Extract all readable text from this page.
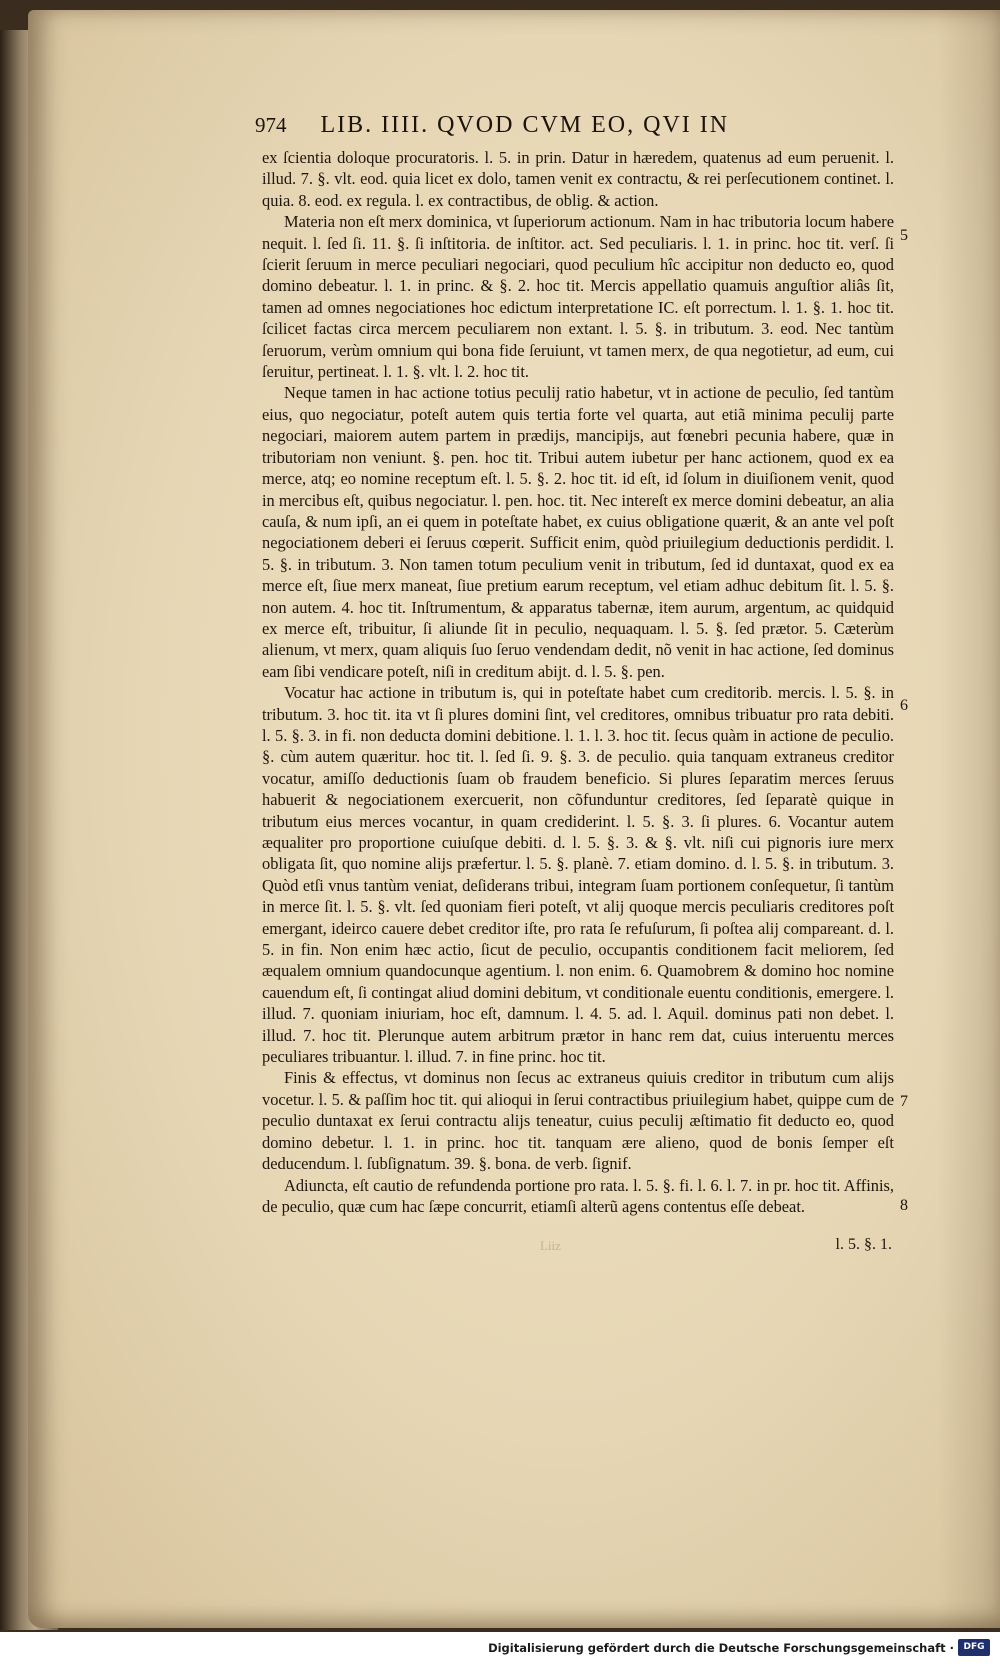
974 LIB. IIII. QVOD CVM EO, QVI IN

ex ſcientia doloque procuratoris. l. 5. in prin. Datur in hæredem, quatenus ad eum peruenit. l. illud. 7. §. vlt. eod. quia licet ex dolo, tamen venit ex contractu, & rei perſecutionem continet. l. quia. 8. eod. ex regula. l. ex contractibus, de oblig. & action.

Materia non eſt merx dominica, vt ſuperiorum actionum. Nam in hac tributoria locum habere nequit. l. ſed ſi. 11. §. ſi inſtitoria. de inſtitor. act. Sed peculiaris. l. 1. in princ. hoc tit. verſ. ſi ſcierit ſeruum in merce peculiari negociari, quod peculium hîc accipitur non deducto eo, quod domino debeatur. l. 1. in princ. & §. 2. hoc tit. Mercis appellatio quamuis anguſtior aliâs ſit, tamen ad omnes negociationes hoc edictum interpretatione IC. eſt porrectum. l. 1. §. 1. hoc tit. ſcilicet factas circa mercem peculiarem non extant. l. 5. §. in tributum. 3. eod. Nec tantùm ſeruorum, verùm omnium qui bona fide ſeruiunt, vt tamen merx, de qua negotietur, ad eum, cui ſeruitur, pertineat. l. 1. §. vlt. l. 2. hoc tit.

Neque tamen in hac actione totius peculij ratio habetur, vt in actione de peculio, ſed tantùm eius, quo negociatur, poteſt autem quis tertia forte vel quarta, aut etiã minima peculij parte negociari, maiorem autem partem in prædijs, mancipijs, aut fœnebri pecunia habere, quæ in tributoriam non veniunt. §. pen. hoc tit. Tribui autem iubetur per hanc actionem, quod ex ea merce, atq; eo nomine receptum eſt. l. 5. §. 2. hoc tit. id eſt, id ſolum in diuiſionem venit, quod in mercibus eſt, quibus negociatur. l. pen. hoc. tit. Nec intereſt ex merce domini debeatur, an alia cauſa, & num ipſi, an ei quem in poteſtate habet, ex cuius obligatione quærit, & an ante vel poſt negociationem deberi ei ſeruus cœperit. Sufficit enim, quòd priuilegium deductionis perdidit. l. 5. §. in tributum. 3. Non tamen totum peculium venit in tributum, ſed id duntaxat, quod ex ea merce eſt, ſiue merx maneat, ſiue pretium earum receptum, vel etiam adhuc debitum ſit. l. 5. §. non autem. 4. hoc tit. Inſtrumentum, & apparatus tabernæ, item aurum, argentum, ac quidquid ex merce eſt, tribuitur, ſi aliunde ſit in peculio, nequaquam. l. 5. §. ſed prætor. 5. Cæterùm alienum, vt merx, quam aliquis ſuo ſeruo vendendam dedit, nõ venit in hac actione, ſed dominus eam ſibi vendicare poteſt, niſi in creditum abijt. d. l. 5. §. pen.

Vocatur hac actione in tributum is, qui in poteſtate habet cum creditorib. mercis. l. 5. §. in tributum. 3. hoc tit. ita vt ſi plures domini ſint, vel creditores, omnibus tribuatur pro rata debiti. l. 5. §. 3. in fi. non deducta domini debitione. l. 1. l. 3. hoc tit. ſecus quàm in actione de peculio. §. cùm autem quæritur. hoc tit. l. ſed ſi. 9. §. 3. de peculio. quia tanquam extraneus creditor vocatur, amiſſo deductionis ſuam ob fraudem beneficio. Si plures ſeparatim merces ſeruus habuerit & negociationem exercuerit, non cõfunduntur creditores, ſed ſeparatè quique in tributum eius merces vocantur, in quam crediderint. l. 5. §. 3. ſi plures. 6. Vocantur autem æqualiter pro proportione cuiuſque debiti. d. l. 5. §. 3. & §. vlt. niſi cui pignoris iure merx obligata ſit, quo nomine alijs præfertur. l. 5. §. planè. 7. etiam domino. d. l. 5. §. in tributum. 3. Quòd etſi vnus tantùm veniat, deſiderans tribui, integram ſuam portionem conſequetur, ſi tantùm in merce ſit. l. 5. §. vlt. ſed quoniam fieri poteſt, vt alij quoque mercis peculiaris creditores poſt emergant, ideirco cauere debet creditor iſte, pro rata ſe refuſurum, ſi poſtea alij compareant. d. l. 5. in fin. Non enim hæc actio, ſicut de peculio, occupantis conditionem facit meliorem, ſed æqualem omnium quandocunque agentium. l. non enim. 6. Quamobrem & domino hoc nomine cauendum eſt, ſi contingat aliud domini debitum, vt conditionale euentu conditionis, emergere. l. illud. 7. quoniam iniuriam, hoc eſt, damnum. l. 4. 5. ad. l. Aquil. dominus pati non debet. l. illud. 7. hoc tit. Plerunque autem arbitrum prætor in hanc rem dat, cuius interuentu merces peculiares tribuantur. l. illud. 7. in fine princ. hoc tit.

Finis & effectus, vt dominus non ſecus ac extraneus quiuis creditor in tributum cum alijs vocetur. l. 5. & paſſim hoc tit. qui alioqui in ſerui contractibus priuilegium habet, quippe cum de peculio duntaxat ex ſerui contractu alijs teneatur, cuius peculij æſtimatio fit deducto eo, quod domino debetur. l. 1. in princ. hoc tit. tanquam ære alieno, quod de bonis ſemper eſt deducendum. l. ſubſignatum. 39. §. bona. de verb. ſignif.

Adiuncta, eſt cautio de refundenda portione pro rata. l. 5. §. fi. l. 6. l. 7. in pr. hoc tit. Affinis, de peculio, quæ cum hac ſæpe concurrit, etiamſi alterũ agens contentus eſſe debeat.

5
6
7
8
l. 5. §. 1.
Liiz
Digitalisierung gefördert durch die Deutsche Forschungsgemeinschaft ·	DFG
